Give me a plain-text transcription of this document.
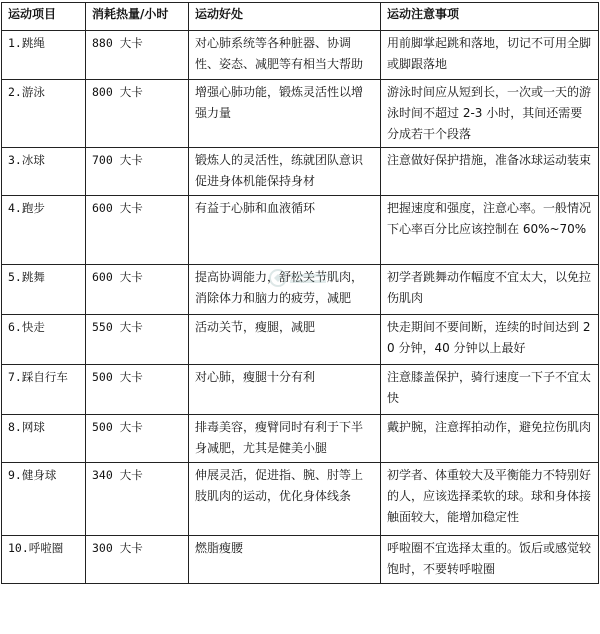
运动项目	消耗热量/小时	运动好处	运动注意事项
1.跳绳	880 大卡	对心肺系统等各种脏器、协调性、姿态、减肥等有相当大帮助	用前脚掌起跳和落地，切记不可用全脚或脚跟落地
2.游泳	800 大卡	增强心肺功能，锻炼灵活性以增强力量	游泳时间应从短到长，一次或一天的游泳时间不超过 2-3 小时，其间还需要分成若干个段落
3.冰球	700 大卡	锻炼人的灵活性，练就团队意识促进身体机能保持身材	注意做好保护措施，准备冰球运动装束
4.跑步	600 大卡	有益于心肺和血液循环	把握速度和强度，注意心率。一般情况下心率百分比应该控制在 60%~70%
5.跳舞	600 大卡	提高协调能力，舒松关节肌肉，消除体力和脑力的疲劳，减肥	初学者跳舞动作幅度不宜太大，以免拉伤肌肉
6.快走	550 大卡	活动关节，瘦腿，减肥	快走期间不要间断，连续的时间达到 20 分钟，40 分钟以上最好
7.踩自行车	500 大卡	对心肺，瘦腿十分有利	注意膝盖保护，骑行速度一下子不宜太快
8.网球	500 大卡	排毒美容，瘦臂同时有利于下半身减肥，尤其是健美小腿	戴护腕，注意挥拍动作，避免拉伤肌肉
9.健身球	340 大卡	伸展灵活，促进指、腕、肘等上肢肌肉的运动，优化身体线条	初学者、体重较大及平衡能力不特别好的人，应该选择柔软的球。球和身体接触面较大，能增加稳定性
10.呼啦圈	300 大卡	燃脂瘦腰	呼啦圈不宜选择太重的。饭后或感觉较饱时，不要转呼啦圈
